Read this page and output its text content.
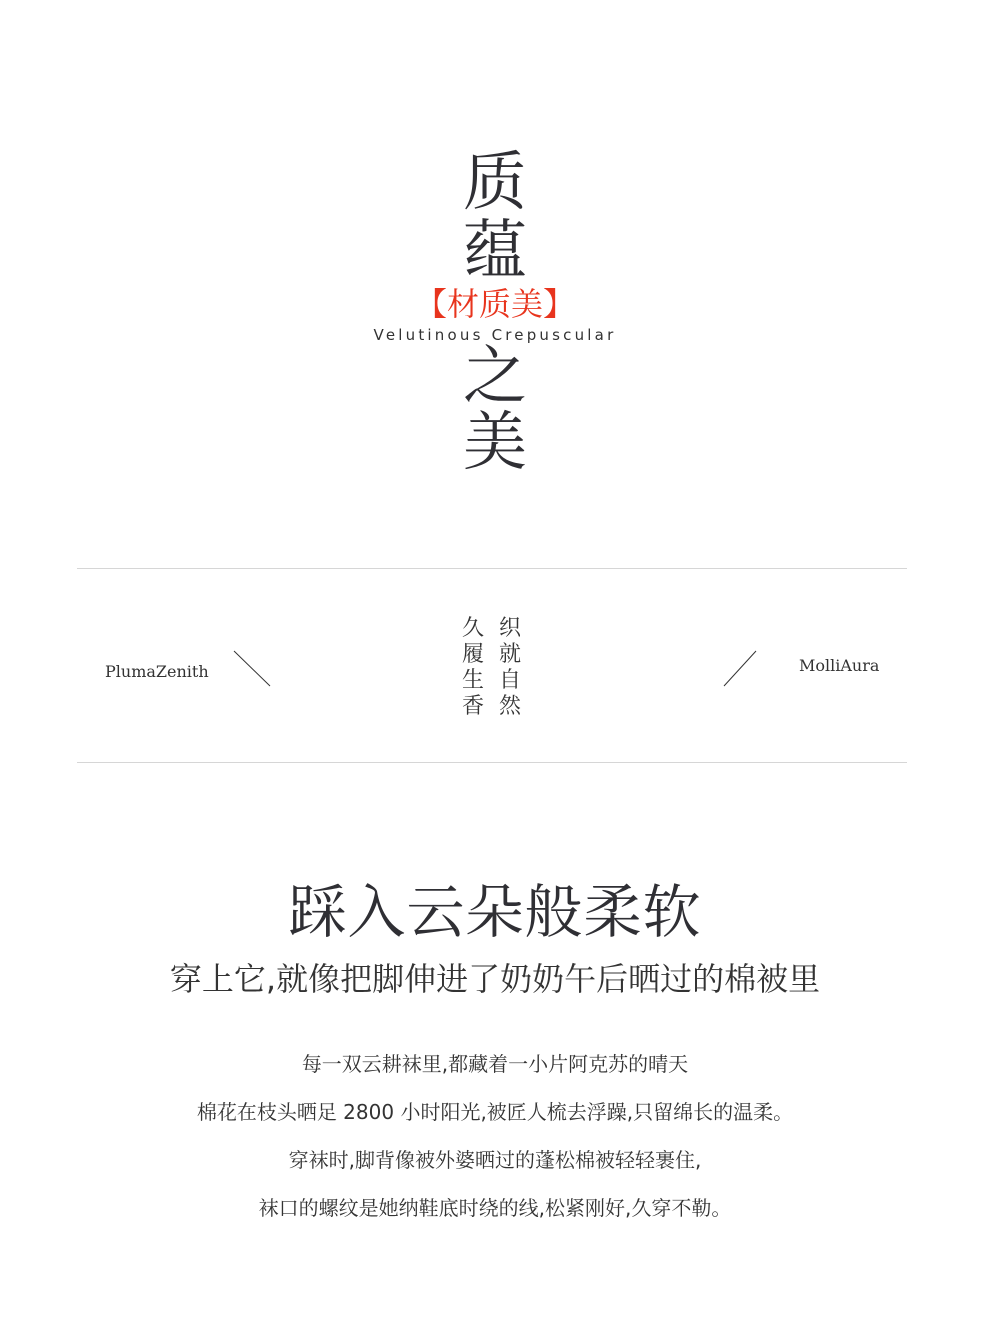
质
蕴
【材质美】
Velutinous Crepuscular
之
美
PlumaZenith
久
履
生
香
织
就
自
然
MolliAura
踩入云朵般柔软
穿上它,就像把脚伸进了奶奶午后晒过的棉被里
每一双云耕袜里,都藏着一小片阿克苏的晴天
棉花在枝头晒足 2800 小时阳光,被匠人梳去浮躁,只留绵长的温柔。
穿袜时,脚背像被外婆晒过的蓬松棉被轻轻裹住,
袜口的螺纹是她纳鞋底时绕的线,松紧刚好,久穿不勒。
